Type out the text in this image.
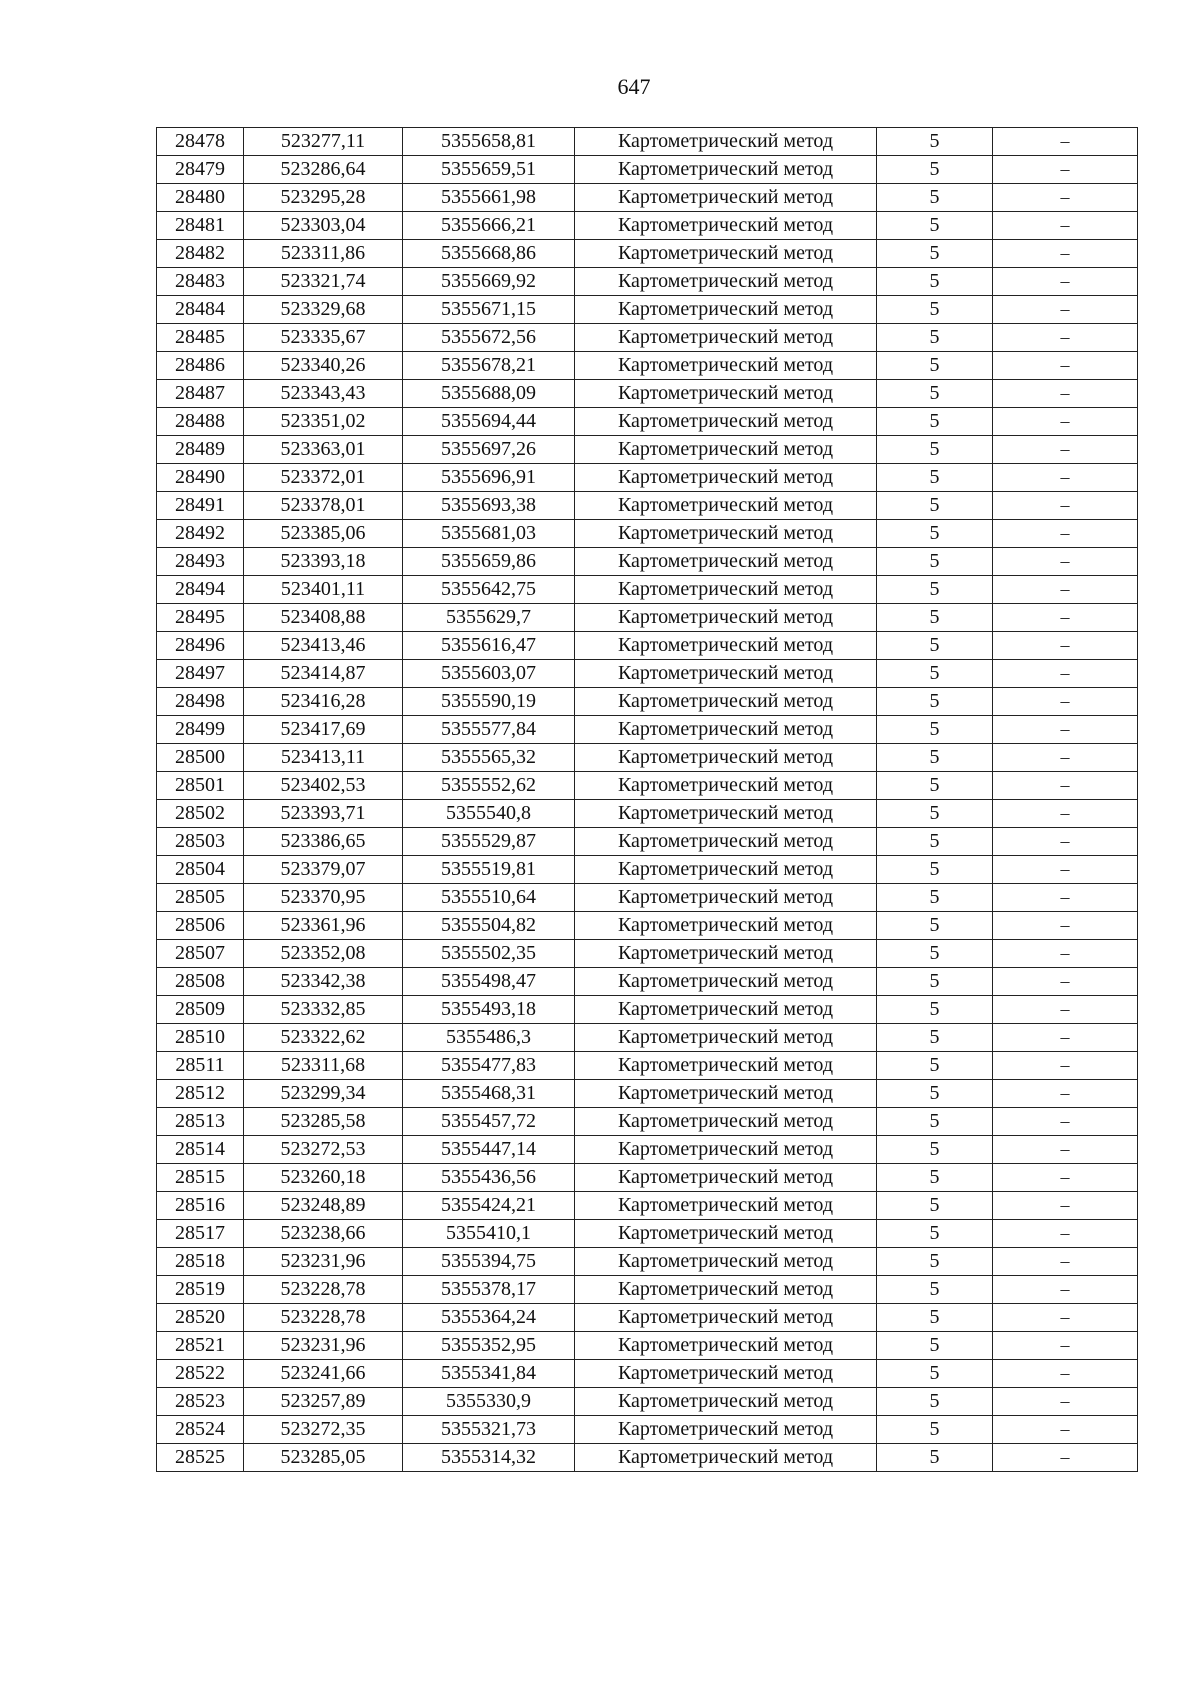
647
28478	523277,11	5355658,81	Картометрический метод	5	–
28479	523286,64	5355659,51	Картометрический метод	5	–
28480	523295,28	5355661,98	Картометрический метод	5	–
28481	523303,04	5355666,21	Картометрический метод	5	–
28482	523311,86	5355668,86	Картометрический метод	5	–
28483	523321,74	5355669,92	Картометрический метод	5	–
28484	523329,68	5355671,15	Картометрический метод	5	–
28485	523335,67	5355672,56	Картометрический метод	5	–
28486	523340,26	5355678,21	Картометрический метод	5	–
28487	523343,43	5355688,09	Картометрический метод	5	–
28488	523351,02	5355694,44	Картометрический метод	5	–
28489	523363,01	5355697,26	Картометрический метод	5	–
28490	523372,01	5355696,91	Картометрический метод	5	–
28491	523378,01	5355693,38	Картометрический метод	5	–
28492	523385,06	5355681,03	Картометрический метод	5	–
28493	523393,18	5355659,86	Картометрический метод	5	–
28494	523401,11	5355642,75	Картометрический метод	5	–
28495	523408,88	5355629,7	Картометрический метод	5	–
28496	523413,46	5355616,47	Картометрический метод	5	–
28497	523414,87	5355603,07	Картометрический метод	5	–
28498	523416,28	5355590,19	Картометрический метод	5	–
28499	523417,69	5355577,84	Картометрический метод	5	–
28500	523413,11	5355565,32	Картометрический метод	5	–
28501	523402,53	5355552,62	Картометрический метод	5	–
28502	523393,71	5355540,8	Картометрический метод	5	–
28503	523386,65	5355529,87	Картометрический метод	5	–
28504	523379,07	5355519,81	Картометрический метод	5	–
28505	523370,95	5355510,64	Картометрический метод	5	–
28506	523361,96	5355504,82	Картометрический метод	5	–
28507	523352,08	5355502,35	Картометрический метод	5	–
28508	523342,38	5355498,47	Картометрический метод	5	–
28509	523332,85	5355493,18	Картометрический метод	5	–
28510	523322,62	5355486,3	Картометрический метод	5	–
28511	523311,68	5355477,83	Картометрический метод	5	–
28512	523299,34	5355468,31	Картометрический метод	5	–
28513	523285,58	5355457,72	Картометрический метод	5	–
28514	523272,53	5355447,14	Картометрический метод	5	–
28515	523260,18	5355436,56	Картометрический метод	5	–
28516	523248,89	5355424,21	Картометрический метод	5	–
28517	523238,66	5355410,1	Картометрический метод	5	–
28518	523231,96	5355394,75	Картометрический метод	5	–
28519	523228,78	5355378,17	Картометрический метод	5	–
28520	523228,78	5355364,24	Картометрический метод	5	–
28521	523231,96	5355352,95	Картометрический метод	5	–
28522	523241,66	5355341,84	Картометрический метод	5	–
28523	523257,89	5355330,9	Картометрический метод	5	–
28524	523272,35	5355321,73	Картометрический метод	5	–
28525	523285,05	5355314,32	Картометрический метод	5	–
